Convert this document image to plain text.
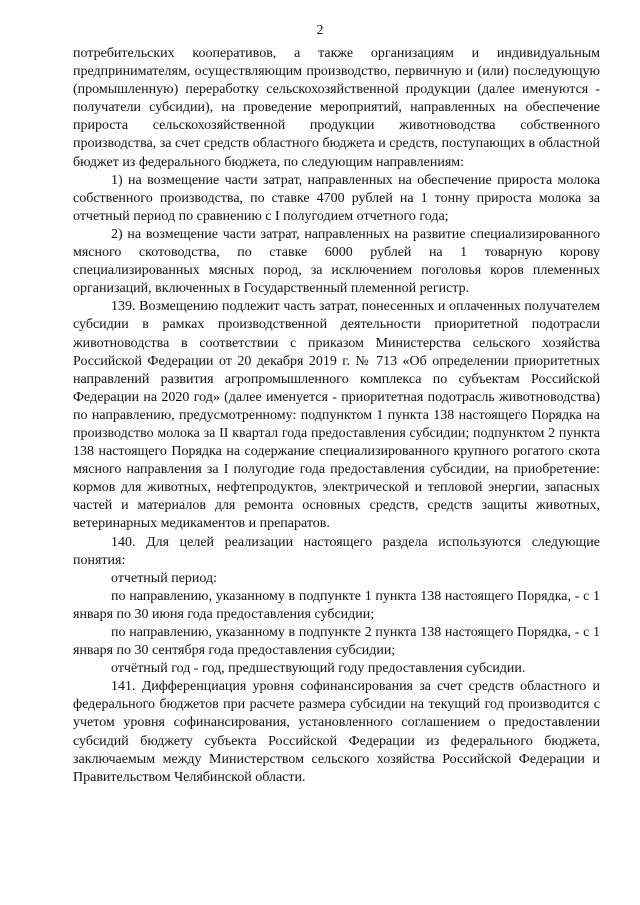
2

потребительских кооперативов, а также организациям и индивидуальным предпринимателям, осуществляющим производство, первичную и (или) последующую (промышленную) переработку сельскохозяйственной продукции (далее именуются - получатели субсидии), на проведение мероприятий, направленных на обеспечение прироста сельскохозяйственной продукции животноводства собственного производства, за счет средств областного бюджета и средств, поступающих в областной бюджет из федерального бюджета, по следующим направлениям:

1) на возмещение части затрат, направленных на обеспечение прироста молока собственного производства, по ставке 4700 рублей на 1 тонну прироста молока за отчетный период по сравнению с I полугодием отчетного года;

2) на возмещение части затрат, направленных на развитие специализированного мясного скотоводства, по ставке 6000 рублей на 1 товарную корову специализированных мясных пород, за исключением поголовья коров племенных организаций, включенных в Государственный племенной регистр.

139. Возмещению подлежит часть затрат, понесенных и оплаченных получателем субсидии в рамках производственной деятельности приоритетной подотрасли животноводства в соответствии с приказом Министерства сельского хозяйства Российской Федерации от 20 декабря 2019 г. № 713 «Об определении приоритетных направлений развития агропромышленного комплекса по субъектам Российской Федерации на 2020 год» (далее именуется - приоритетная подотрасль животноводства) по направлению, предусмотренному: подпунктом 1 пункта 138 настоящего Порядка на производство молока за II квартал года предоставления субсидии; подпунктом 2 пункта 138 настоящего Порядка на содержание специализированного крупного рогатого скота мясного направления за I полугодие года предоставления субсидии, на приобретение: кормов для животных, нефтепродуктов, электрической и тепловой энергии, запасных частей и материалов для ремонта основных средств, средств защиты животных, ветеринарных медикаментов и препаратов.

140. Для целей реализации настоящего раздела используются следующие понятия:

отчетный период:

по направлению, указанному в подпункте 1 пункта 138 настоящего Порядка, - с 1 января по 30 июня года предоставления субсидии;

по направлению, указанному в подпункте 2 пункта 138 настоящего Порядка, - с 1 января по 30 сентября года предоставления субсидии;

отчётный год - год, предшествующий году предоставления субсидии.

141. Дифференциация уровня софинансирования за счет средств областного и федерального бюджетов при расчете размера субсидии на текущий год производится с учетом уровня софинансирования, установленного соглашением о предоставлении субсидий бюджету субъекта Российской Федерации из федерального бюджета, заключаемым между Министерством сельского хозяйства Российской Федерации и Правительством Челябинской области.
